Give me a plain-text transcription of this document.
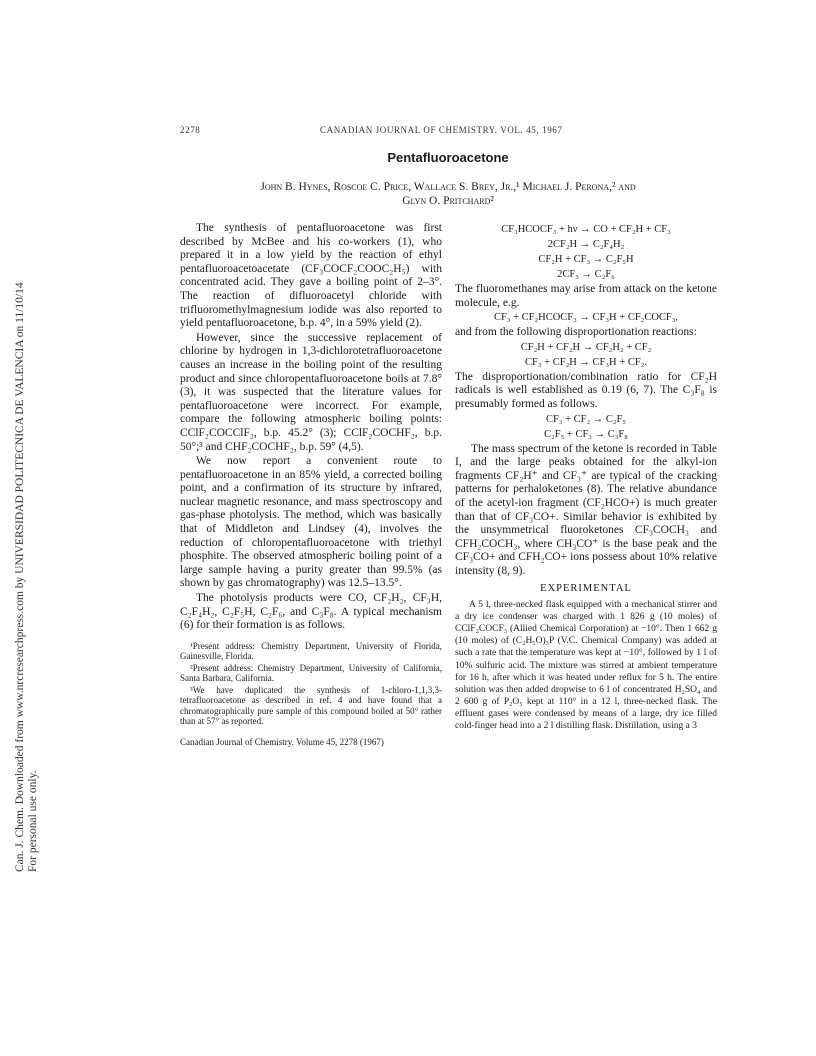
Can. J. Chem. Downloaded from www.nrcresearchpress.com by UNIVERSIDAD POLITECNICA DE VALENCIA on 11/10/14 For personal use only.
2278	CANADIAN JOURNAL OF CHEMISTRY. VOL. 45, 1967
Pentafluoroacetone
John B. Hynes, Roscoe C. Price, Wallace S. Brey, Jr.,¹ Michael J. Perona,² and
Glyn O. Pritchard²

The synthesis of pentafluoroacetone was first described by McBee and his co-workers (1), who prepared it in a low yield by the reaction of ethyl pentafluoroacetoacetate (CF₃COCF₂COOC₂H₅) with concentrated acid. They gave a boiling point of 2–3°. The reaction of difluoroacetyl chloride with trifluoromethylmagnesium iodide was also reported to yield pentafluoroacetone, b.p. 4°, in a 59% yield (2).

However, since the successive replacement of chlorine by hydrogen in 1,3-dichlorotetrafluoroacetone causes an increase in the boiling point of the resulting product and since chloropentafluoroacetone boils at 7.8° (3), it was suspected that the literature values for pentafluoroacetone were incorrect. For example, compare the following atmospheric boiling points: CClF₂COCClF₂, b.p. 45.2° (3); CClF₂COCHF₂, b.p. 50°;³ and CHF₂COCHF₂, b.p. 59° (4,5).

We now report a convenient route to pentafluoroacetone in an 85% yield, a corrected boiling point, and a confirmation of its structure by infrared, nuclear magnetic resonance, and mass spectroscopy and gas-phase photolysis. The method, which was basically that of Middleton and Lindsey (4), involves the reduction of chloropentafluoroacetone with triethyl phosphite. The observed atmospheric boiling point of a large sample having a purity greater than 99.5% (as shown by gas chromatography) was 12.5–13.5°.

The photolysis products were CO, CF₂H₂, CF₃H, C₂F₄H₂, C₂F₅H, C₂F₆, and C₃F₈. A typical mechanism (6) for their formation is as follows.

¹Present address: Chemistry Department, University of Florida, Gainesville, Florida.
²Present address: Chemistry Department, University of California, Santa Barbara, California.
³We have duplicated the synthesis of 1-chloro-1,1,3,3-tetrafluoroacetone as described in ref. 4 and have found that a chromatographically pure sample of this compound boiled at 50° rather than at 57° as reported.
Canadian Journal of Chemistry. Volume 45, 2278 (1967)
CF₃HCOCF₃ + hν → CO + CF₂H + CF₃
2CF₂H → C₂F₄H₂
CF₂H + CF₃ → C₂F₅H
2CF₃ → C₂F₆

The fluoromethanes may arise from attack on the ketone molecule, e.g.

CF₃ + CF₂HCOCF₃ → CF₃H + CF₂COCF₃,

and from the following disproportionation reactions:

CF₂H + CF₂H → CF₂H₂ + CF₂
CF₃ + CF₂H → CF₃H + CF₂.

The disproportionation/combination ratio for CF₂H radicals is well established as 0.19 (6, 7). The C₃F₈ is presumably formed as follows.

CF₃ + CF₂ → C₂F₅
C₂F₅ + CF₃ → C₃F₈

The mass spectrum of the ketone is recorded in Table I, and the large peaks obtained for the alkyl-ion fragments CF₂H⁺ and CF₃⁺ are typical of the cracking patterns for perhaloketones (8). The relative abundance of the acetyl-ion fragment (CF₂HCO+) is much greater than that of CF₃CO+. Similar behavior is exhibited by the unsymmetrical fluoroketones CF₃COCH₃ and CFH₂COCH₃, where CH₃CO⁺ is the base peak and the CF₃CO+ and CFH₂CO+ ions possess about 10% relative intensity (8, 9).

EXPERIMENTAL

A 5 l, three-necked flask equipped with a mechanical stirrer and a dry ice condenser was charged with 1 826 g (10 moles) of CClF₂COCF₃ (Allied Chemical Corporation) at −10°. Then 1 662 g (10 moles) of (C₂H₅O)₃P (V.C. Chemical Company) was added at such a rate that the temperature was kept at −10°, followed by 1 l of 10% sulfuric acid. The mixture was stirred at ambient temperature for 16 h, after which it was heated under reflux for 5 h. The entire solution was then added dropwise to 6 l of concentrated H₂SO₄ and 2 600 g of P₂O₅ kept at 110° in a 12 l, three-necked flask. The effluent gases were condensed by means of a large, dry ice filled cold-finger head into a 2 l distilling flask. Distillation, using a 3
